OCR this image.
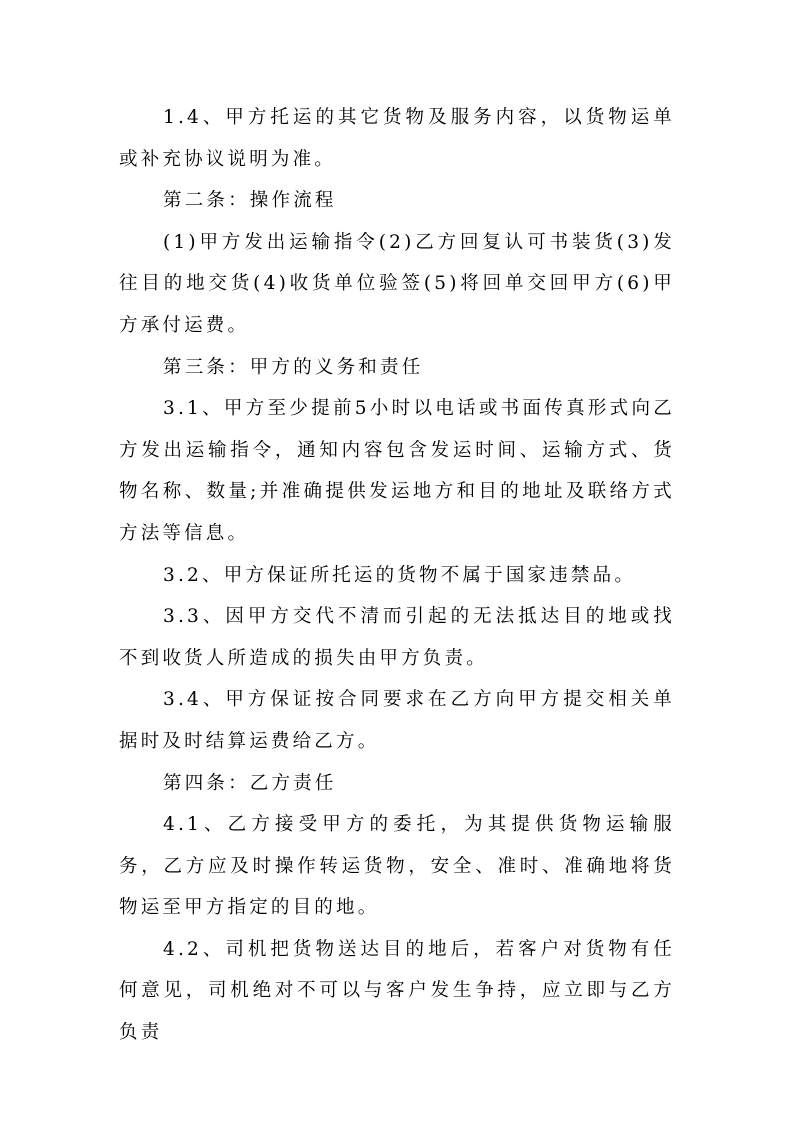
1.4、甲方托运的其它货物及服务内容，以货物运单或补充协议说明为准。

第二条：操作流程

(1)甲方发出运输指令(2)乙方回复认可书装货(3)发往目的地交货(4)收货单位验签(5)将回单交回甲方(6)甲方承付运费。

第三条：甲方的义务和责任

3.1、甲方至少提前5小时以电话或书面传真形式向乙方发出运输指令，通知内容包含发运时间、运输方式、货物名称、数量;并准确提供发运地方和目的地址及联络方式方法等信息。

3.2、甲方保证所托运的货物不属于国家违禁品。

3.3、因甲方交代不清而引起的无法抵达目的地或找不到收货人所造成的损失由甲方负责。

3.4、甲方保证按合同要求在乙方向甲方提交相关单据时及时结算运费给乙方。

第四条：乙方责任

4.1、乙方接受甲方的委托，为其提供货物运输服务，乙方应及时操作转运货物，安全、准时、准确地将货物运至甲方指定的目的地。

4.2、司机把货物送达目的地后，若客户对货物有任何意见，司机绝对不可以与客户发生争持，应立即与乙方负责
